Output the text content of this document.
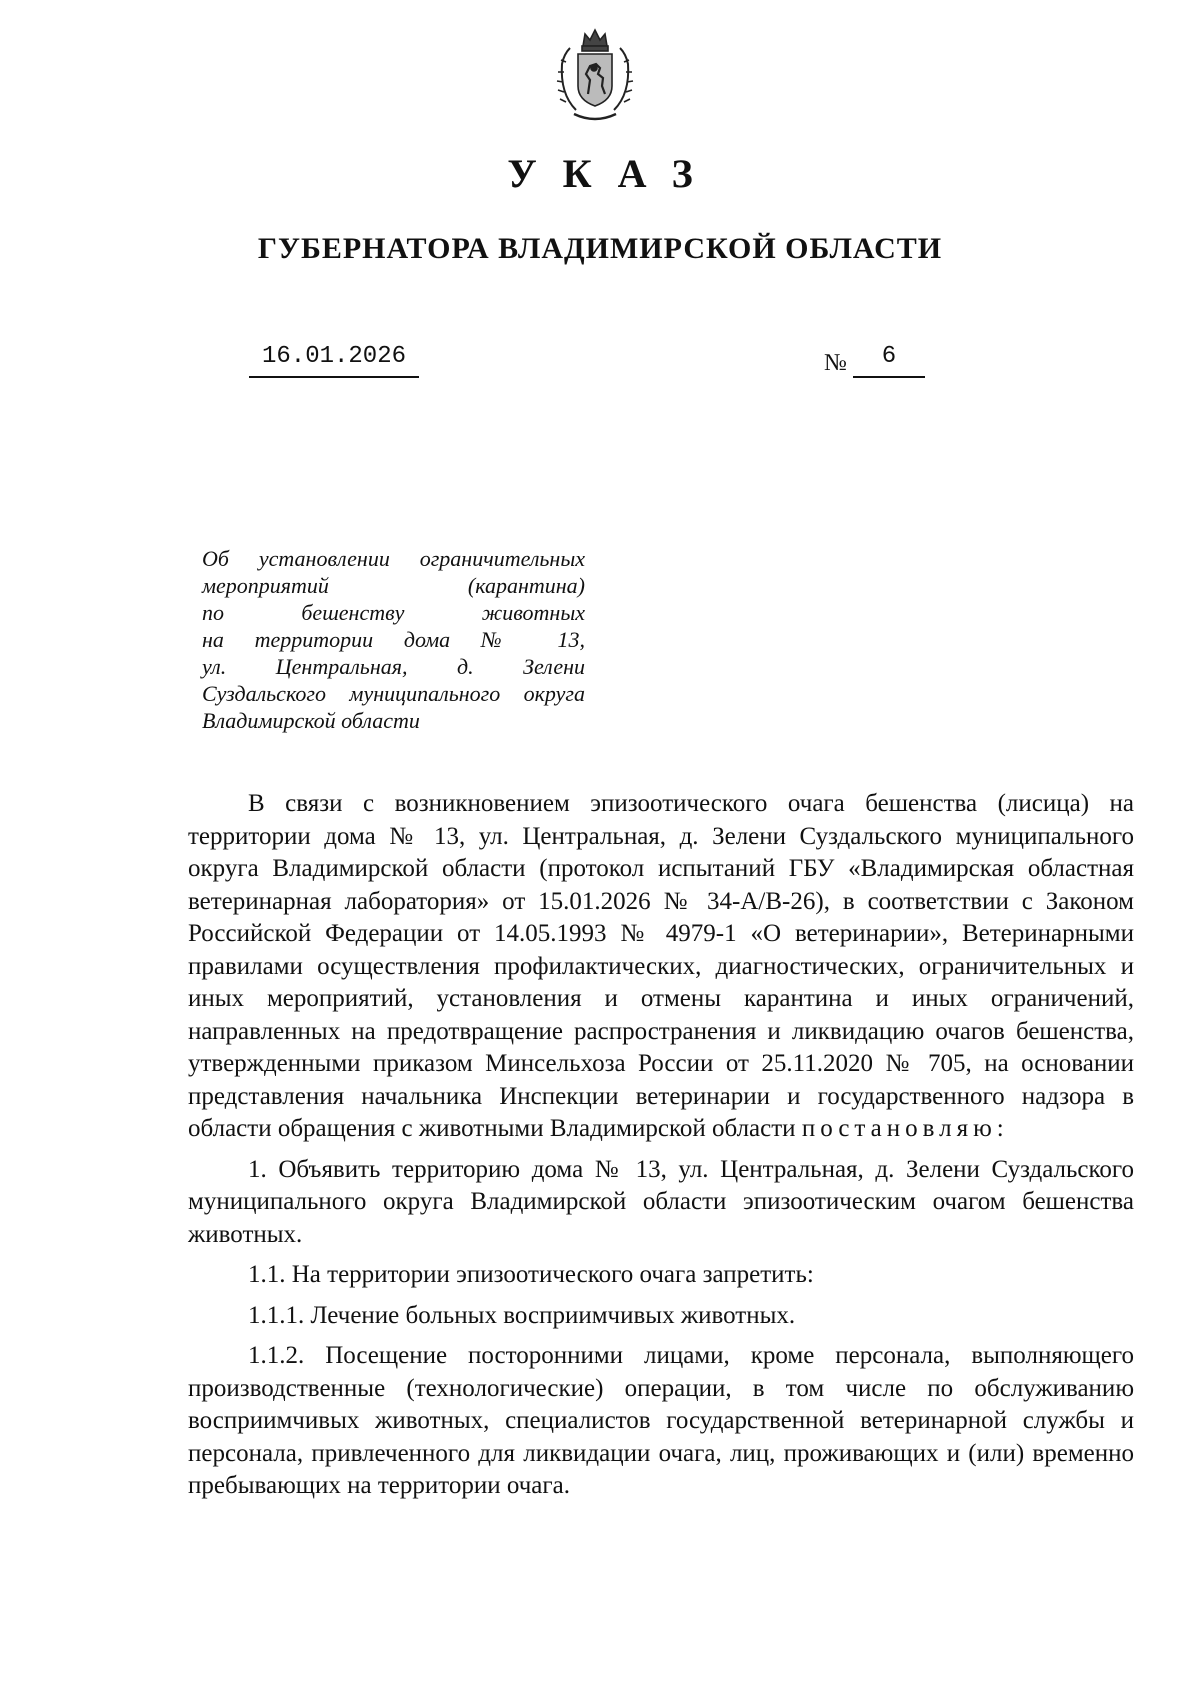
УКАЗ
ГУБЕРНАТОРА ВЛАДИМИРСКОЙ ОБЛАСТИ
16.01.2026	№	6
Об установлении ограничительных
мероприятий (карантина)
по бешенству животных
на территории дома № 13,
ул. Центральная, д. Зелени
Суздальского муниципального округа
Владимирской области

В связи с возникновением эпизоотического очага бешенства (лисица) на территории дома № 13, ул. Центральная, д. Зелени Суздальского муниципального округа Владимирской области (протокол испытаний ГБУ «Владимирская областная ветеринарная лаборатория» от 15.01.2026 № 34-А/В-26), в соответствии с Законом Российской Федерации от 14.05.1993 № 4979-1 «О ветеринарии», Ветеринарными правилами осуществления профилактических, диагностических, ограничительных и иных мероприятий, установления и отмены карантина и иных ограничений, направленных на предотвращение распространения и ликвидацию очагов бешенства, утвержденными приказом Минсельхоза России от 25.11.2020 № 705, на основании представления начальника Инспекции ветеринарии и государственного надзора в области обращения с животными Владимирской области постановляю:

1. Объявить территорию дома № 13, ул. Центральная, д. Зелени Суздальского муниципального округа Владимирской области эпизоотическим очагом бешенства животных.

1.1. На территории эпизоотического очага запретить:

1.1.1. Лечение больных восприимчивых животных.

1.1.2. Посещение посторонними лицами, кроме персонала, выполняющего производственные (технологические) операции, в том числе по обслуживанию восприимчивых животных, специалистов государственной ветеринарной службы и персонала, привлеченного для ликвидации очага, лиц, проживающих и (или) временно пребывающих на территории очага.
